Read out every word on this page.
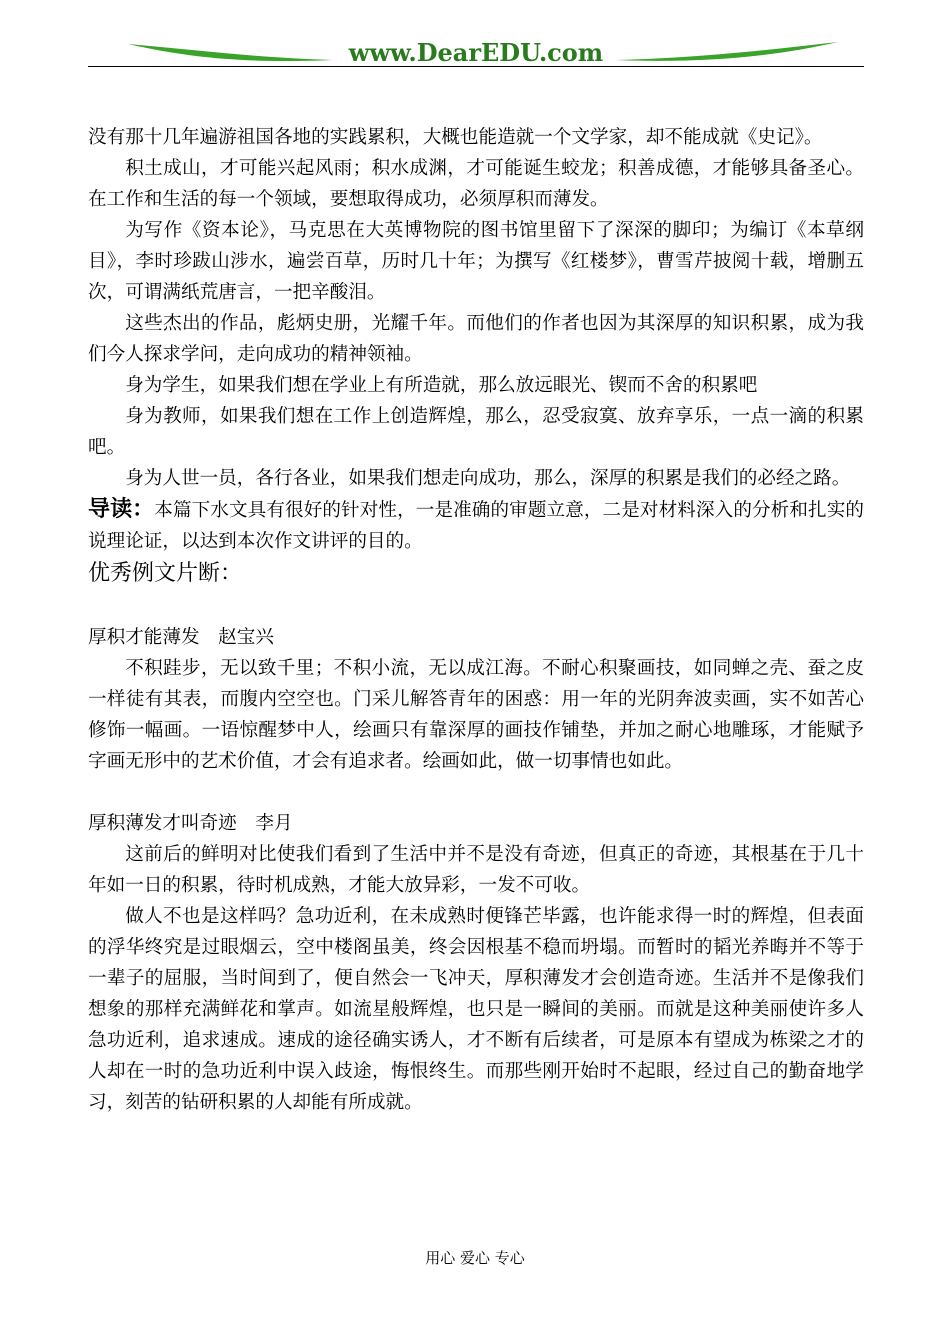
www.DearEDU.com

没有那十几年遍游祖国各地的实践累积，大概也能造就一个文学家，却不能成就《史记》。

积土成山，才可能兴起风雨；积水成渊，才可能诞生蛟龙；积善成德，才能够具备圣心。在工作和生活的每一个领域，要想取得成功，必须厚积而薄发。

为写作《资本论》，马克思在大英博物院的图书馆里留下了深深的脚印；为编订《本草纲目》，李时珍跋山涉水，遍尝百草，历时几十年；为撰写《红楼梦》，曹雪芹披阅十载，增删五次，可谓满纸荒唐言，一把辛酸泪。

这些杰出的作品，彪炳史册，光耀千年。而他们的作者也因为其深厚的知识积累，成为我们今人探求学问，走向成功的精神领袖。

身为学生，如果我们想在学业上有所造就，那么放远眼光、锲而不舍的积累吧

身为教师，如果我们想在工作上创造辉煌，那么，忍受寂寞、放弃享乐，一点一滴的积累吧。

身为人世一员，各行各业，如果我们想走向成功，那么，深厚的积累是我们的必经之路。

导读：本篇下水文具有很好的针对性，一是准确的审题立意，二是对材料深入的分析和扎实的说理论证，以达到本次作文讲评的目的。

优秀例文片断：

厚积才能薄发 赵宝兴

不积跬步，无以致千里；不积小流，无以成江海。不耐心积聚画技，如同蝉之壳、蚕之皮一样徒有其表，而腹内空空也。门采儿解答青年的困惑：用一年的光阴奔波卖画，实不如苦心修饰一幅画。一语惊醒梦中人，绘画只有靠深厚的画技作铺垫，并加之耐心地雕琢，才能赋予字画无形中的艺术价值，才会有追求者。绘画如此，做一切事情也如此。

厚积薄发才叫奇迹 李月

这前后的鲜明对比使我们看到了生活中并不是没有奇迹，但真正的奇迹，其根基在于几十年如一日的积累，待时机成熟，才能大放异彩，一发不可收。

做人不也是这样吗？急功近利，在未成熟时便锋芒毕露，也许能求得一时的辉煌，但表面的浮华终究是过眼烟云，空中楼阁虽美，终会因根基不稳而坍塌。而暂时的韬光养晦并不等于一辈子的屈服，当时间到了，便自然会一飞冲天，厚积薄发才会创造奇迹。生活并不是像我们想象的那样充满鲜花和掌声。如流星般辉煌，也只是一瞬间的美丽。而就是这种美丽使许多人急功近利，追求速成。速成的途径确实诱人，才不断有后续者，可是原本有望成为栋梁之才的人却在一时的急功近利中误入歧途，悔恨终生。而那些刚开始时不起眼，经过自己的勤奋地学习，刻苦的钻研积累的人却能有所成就。

用心 爱心 专心
